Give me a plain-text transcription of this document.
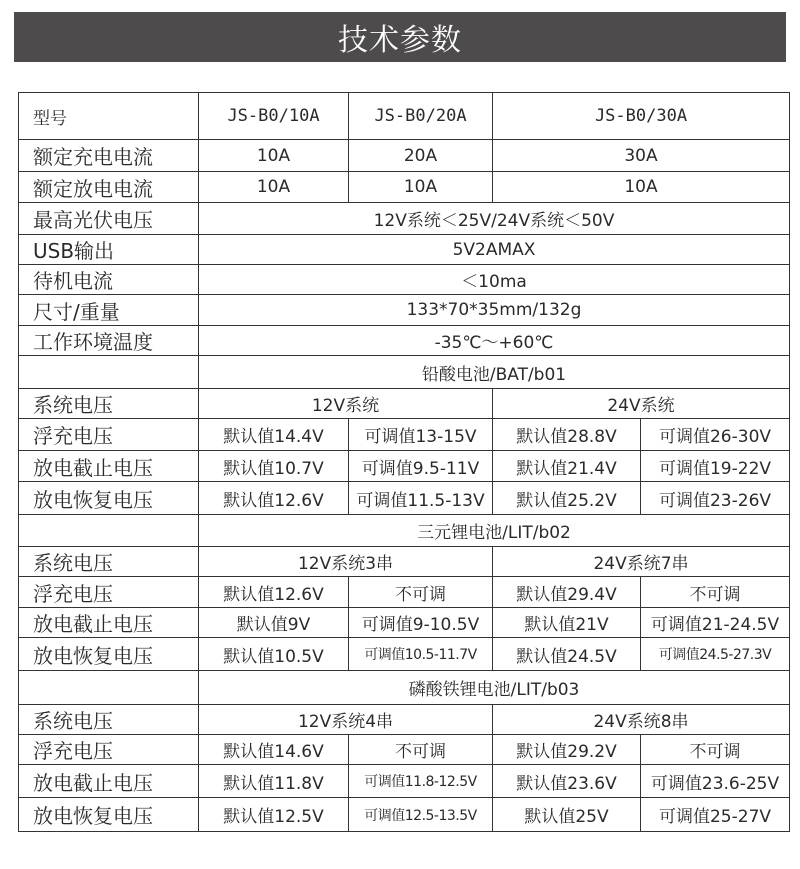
技术参数
型号	JS-B0/10A	JS-B0/20A	JS-B0/30A	
额定充电电流	10A	20A	30A	
额定放电电流	10A	10A	10A	
最高光伏电压	12V系统＜25V/24V系统＜50V			
USB输出	5V2AMAX			
待机电流	＜10ma			
尺寸/重量	133*70*35mm/132g			
工作环境温度	-35℃～+60℃			
	铅酸电池/BAT/b01			
系统电压	12V系统		24V系统	
浮充电压	默认值14.4V	可调值13-15V	默认值28.8V	可调值26-30V
放电截止电压	默认值10.7V	可调值9.5-11V	默认值21.4V	可调值19-22V
放电恢复电压	默认值12.6V	可调值11.5-13V	默认值25.2V	可调值23-26V
	三元锂电池/LIT/b02			
系统电压	12V系统3串		24V系统7串	
浮充电压	默认值12.6V	不可调	默认值29.4V	不可调
放电截止电压	默认值9V	可调值9-10.5V	默认值21V	可调值21-24.5V
放电恢复电压	默认值10.5V	可调值10.5-11.7V	默认值24.5V	可调值24.5-27.3V
	磷酸铁锂电池/LIT/b03			
系统电压	12V系统4串		24V系统8串	
浮充电压	默认值14.6V	不可调	默认值29.2V	不可调
放电截止电压	默认值11.8V	可调值11.8-12.5V	默认值23.6V	可调值23.6-25V
放电恢复电压	默认值12.5V	可调值12.5-13.5V	默认值25V	可调值25-27V
